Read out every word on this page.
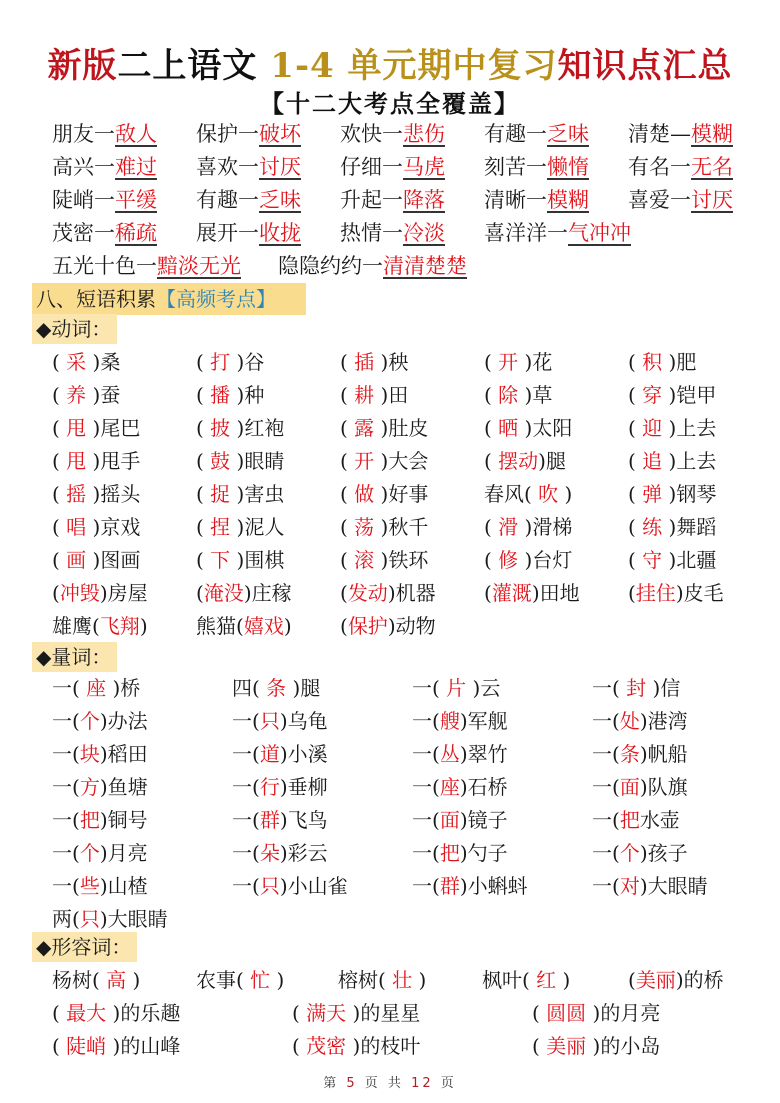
新版二上语文 1-4 单元期中复习知识点汇总
【十二大考点全覆盖】
朋友一敌人 保护一破坏 欢快一悲伤 有趣一乏味 清楚—模糊
高兴一难过 喜欢一讨厌 仔细一马虎 刻苦一懒惰 有名一无名
陡峭一平缓 有趣一乏味 升起一降落 清晰一模糊 喜爱一讨厌
茂密一稀疏 展开一收拢 热情一冷淡 喜洋洋一气冲冲
五光十色一黯淡无光 隐隐约约一清清楚楚
八、短语积累【高频考点】
◆动词：
( 采 )桑	( 打 )谷	( 插 )秧	( 开 )花	( 积 )肥
( 养 )蚕	( 播 )种	( 耕 )田	( 除 )草	( 穿 )铠甲
( 甩 )尾巴	( 披 )红袍	( 露 )肚皮	( 晒 )太阳	( 迎 )上去
( 甩 )甩手	( 鼓 )眼睛	( 开 )大会	( 摆动)腿	( 追 )上去
( 摇 )摇头	( 捉 )害虫	( 做 )好事	春风( 吹 )	( 弹 )钢琴
( 唱 )京戏	( 捏 )泥人	( 荡 )秋千	( 滑 )滑梯	( 练 )舞蹈
( 画 )图画	( 下 )围棋	( 滚 )铁环	( 修 )台灯	( 守 )北疆
(冲毁)房屋 (淹没)庄稼 (发动)机器 (灌溉)田地 (挂住)皮毛
雄鹰(飞翔) 熊猫(嬉戏) (保护)动物
◆量词：
一( 座 )桥	四( 条 )腿	一( 片 )云	一( 封 )信
一(个)办法	一(只)乌龟	一(艘)军舰	一(处)港湾
一(块)稻田	一(道)小溪	一(丛)翠竹	一(条)帆船
一(方)鱼塘	一(行)垂柳	一(座)石桥	一(面)队旗
一(把)铜号	一(群)飞鸟	一(面)镜子	一(把水壶
一(个)月亮	一(朵)彩云	一(把)勺子	一(个)孩子
一(些)山楂	一(只)小山雀	一(群)小蝌蚪	一(对)大眼睛
两(只)大眼睛
◆形容词：
杨树( 高 )	农事( 忙 )	榕树( 壮 )	枫叶( 红 )	(美丽)的桥
( 最大 )的乐趣	( 满天 )的星星	( 圆圆 )的月亮
( 陡峭 )的山峰	( 茂密 )的枝叶	( 美丽 )的小岛
第 5 页 共 12 页
